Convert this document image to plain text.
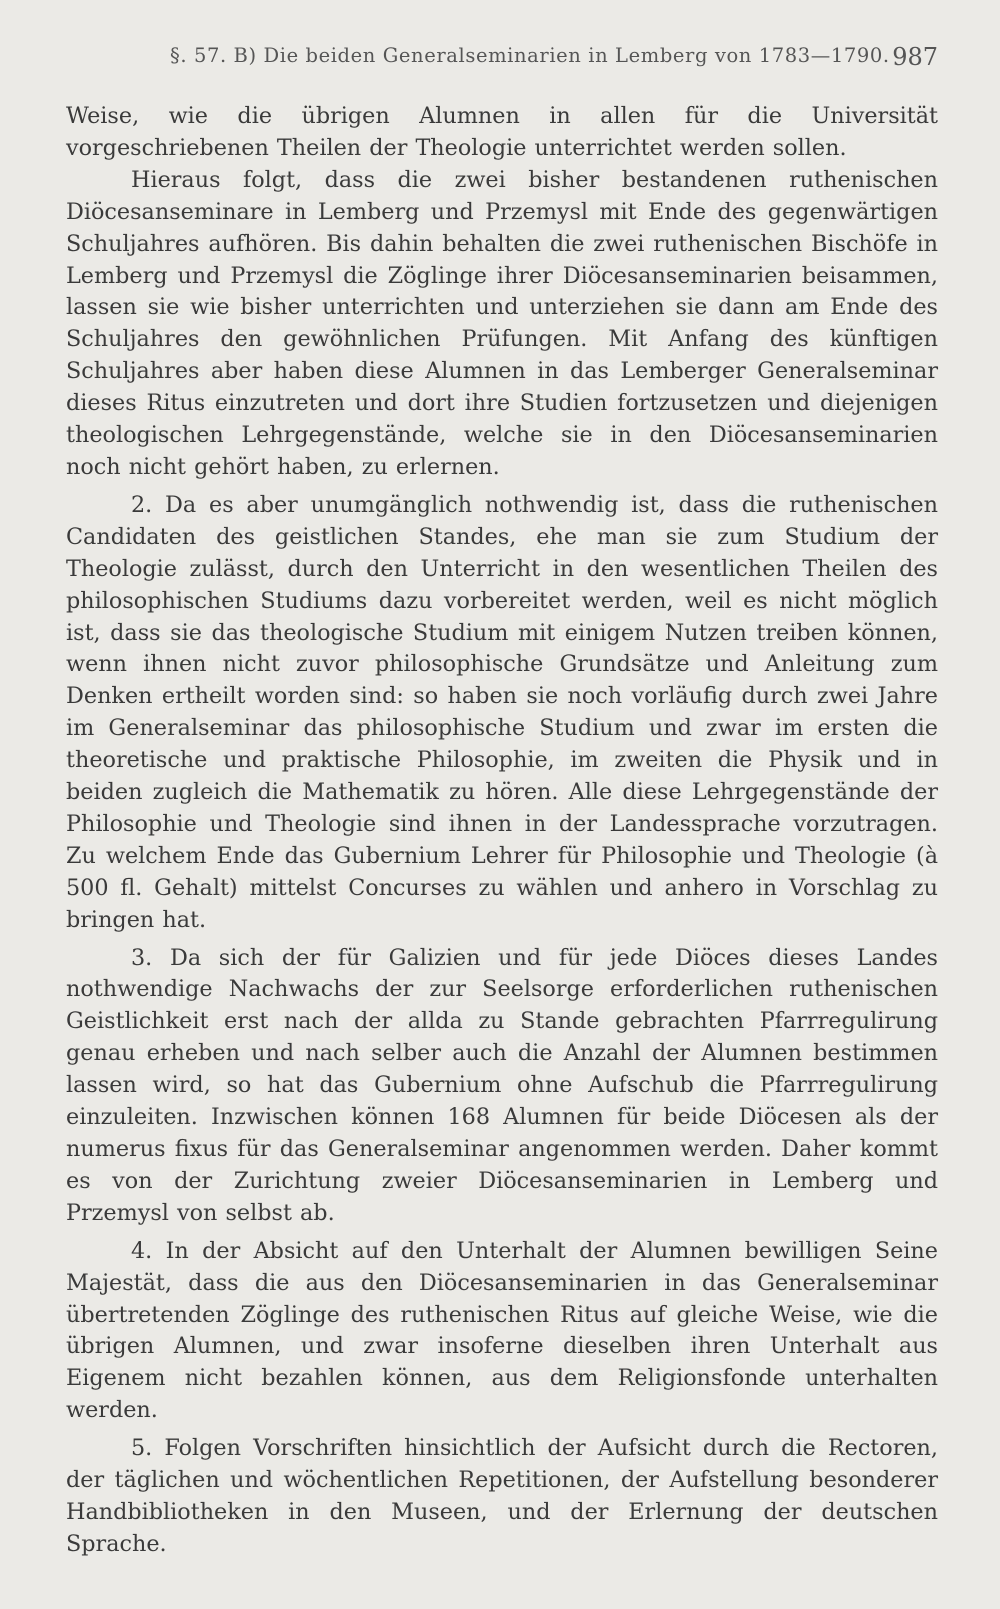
§. 57. B) Die beiden Generalseminarien in Lemberg von 1783—1790. 987

Weise, wie die übrigen Alumnen in allen für die Universität vorgeschriebenen Theilen der Theologie unterrichtet werden sollen.

Hieraus folgt, dass die zwei bisher bestandenen ruthenischen Diöcesanseminare in Lemberg und Przemysl mit Ende des gegenwärtigen Schuljahres aufhören. Bis dahin behalten die zwei ruthenischen Bischöfe in Lemberg und Przemysl die Zöglinge ihrer Diöcesanseminarien beisammen, lassen sie wie bisher unterrichten und unterziehen sie dann am Ende des Schuljahres den gewöhnlichen Prüfungen. Mit Anfang des künftigen Schuljahres aber haben diese Alumnen in das Lemberger Generalseminar dieses Ritus einzutreten und dort ihre Studien fortzusetzen und diejenigen theologischen Lehrgegenstände, welche sie in den Diöcesanseminarien noch nicht gehört haben, zu erlernen.

2. Da es aber unumgänglich nothwendig ist, dass die ruthenischen Candidaten des geistlichen Standes, ehe man sie zum Studium der Theologie zulässt, durch den Unterricht in den wesentlichen Theilen des philosophischen Studiums dazu vorbereitet werden, weil es nicht möglich ist, dass sie das theologische Studium mit einigem Nutzen treiben können, wenn ihnen nicht zuvor philosophische Grundsätze und Anleitung zum Denken ertheilt worden sind: so haben sie noch vorläufig durch zwei Jahre im Generalseminar das philosophische Studium und zwar im ersten die theoretische und praktische Philosophie, im zweiten die Physik und in beiden zugleich die Mathematik zu hören. Alle diese Lehrgegenstände der Philosophie und Theologie sind ihnen in der Landessprache vorzutragen. Zu welchem Ende das Gubernium Lehrer für Philosophie und Theologie (à 500 fl. Gehalt) mittelst Concurses zu wählen und anhero in Vorschlag zu bringen hat.

3. Da sich der für Galizien und für jede Diöces dieses Landes nothwendige Nachwachs der zur Seelsorge erforderlichen ruthenischen Geistlichkeit erst nach der allda zu Stande gebrachten Pfarrregulirung genau erheben und nach selber auch die Anzahl der Alumnen bestimmen lassen wird, so hat das Gubernium ohne Aufschub die Pfarrregulirung einzuleiten. Inzwischen können 168 Alumnen für beide Diöcesen als der numerus fixus für das Generalseminar angenommen werden. Daher kommt es von der Zurichtung zweier Diöcesanseminarien in Lemberg und Przemysl von selbst ab.

4. In der Absicht auf den Unterhalt der Alumnen bewilligen Seine Majestät, dass die aus den Diöcesanseminarien in das Generalseminar übertretenden Zöglinge des ruthenischen Ritus auf gleiche Weise, wie die übrigen Alumnen, und zwar insoferne dieselben ihren Unterhalt aus Eigenem nicht bezahlen können, aus dem Religionsfonde unterhalten werden.

5. Folgen Vorschriften hinsichtlich der Aufsicht durch die Rectoren, der täglichen und wöchentlichen Repetitionen, der Aufstellung besonderer Handbibliotheken in den Museen, und der Erlernung der deutschen Sprache.
